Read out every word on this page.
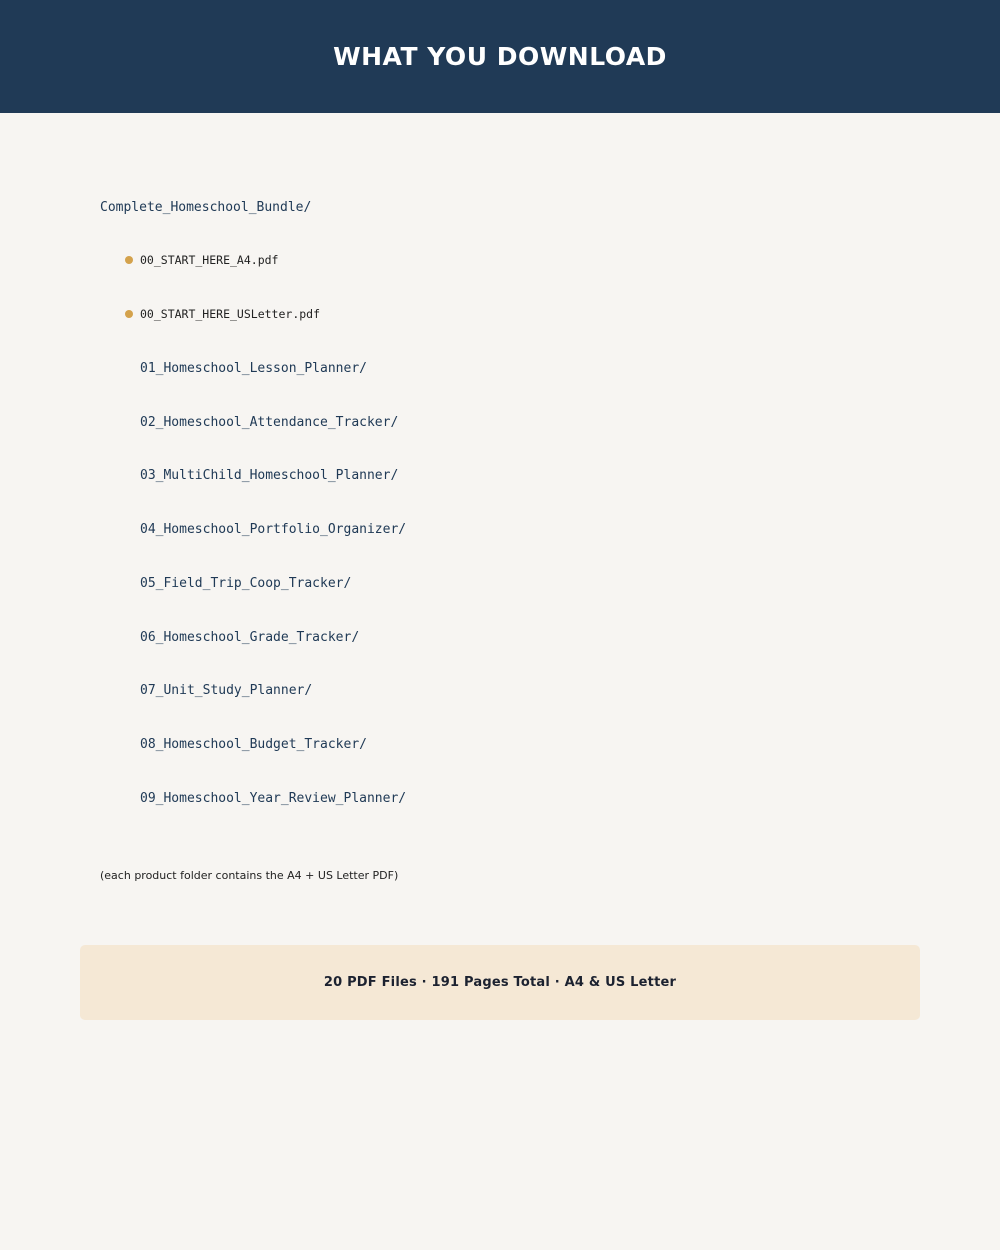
WHAT YOU DOWNLOAD
Complete_Homeschool_Bundle/
00_START_HERE_A4.pdf
00_START_HERE_USLetter.pdf
01_Homeschool_Lesson_Planner/
02_Homeschool_Attendance_Tracker/
03_MultiChild_Homeschool_Planner/
04_Homeschool_Portfolio_Organizer/
05_Field_Trip_Coop_Tracker/
06_Homeschool_Grade_Tracker/
07_Unit_Study_Planner/
08_Homeschool_Budget_Tracker/
09_Homeschool_Year_Review_Planner/
(each product folder contains the A4 + US Letter PDF)
20 PDF Files · 191 Pages Total · A4 & US Letter
